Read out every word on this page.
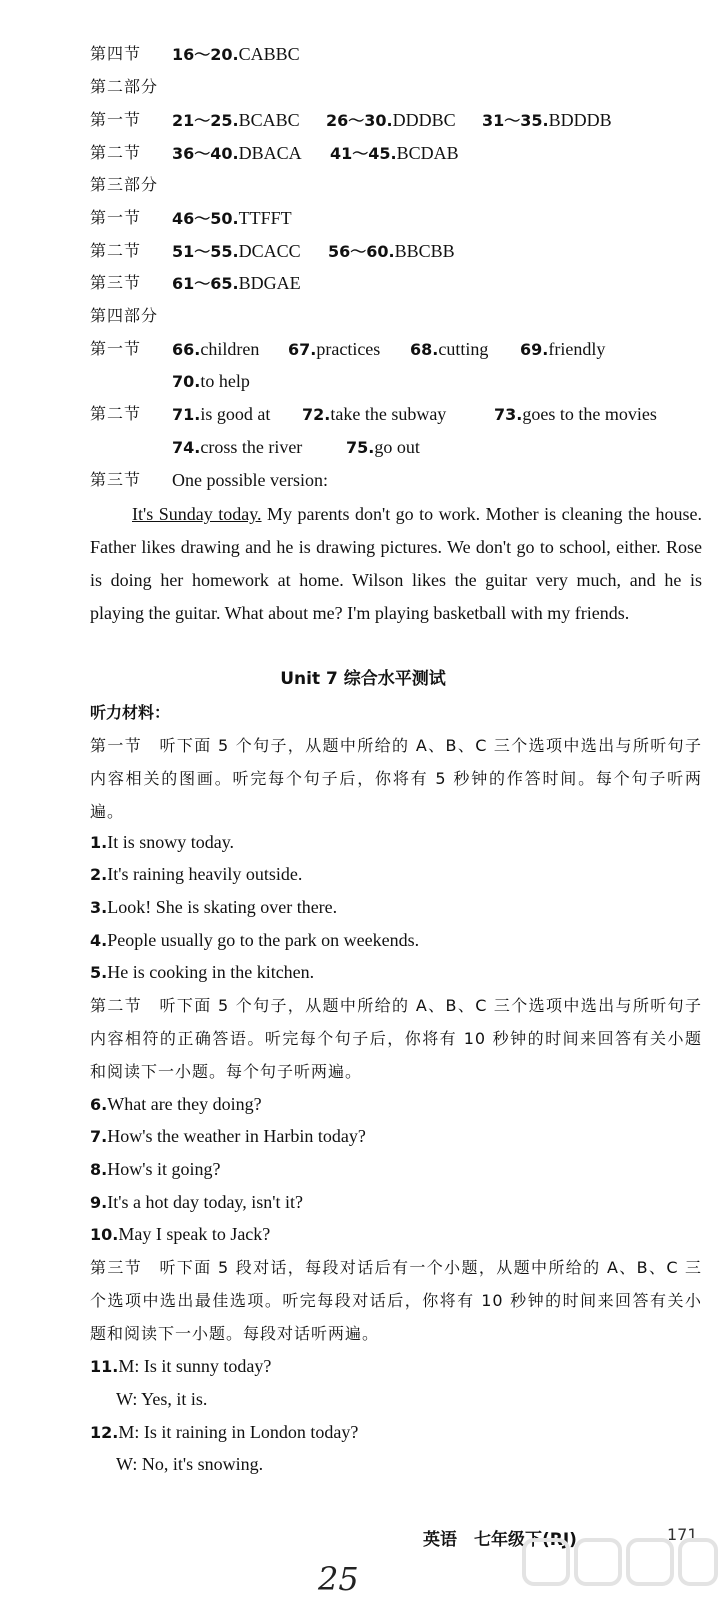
第四节 16～20.CABBC
第二部分
第一节 21～25.BCABC 26～30.DDDBC 31～35.BDDDB
第二节 36～40.DBACA 41～45.BCDAB
第三部分
第一节 46～50.TTFFT
第二节 51～55.DCACC 56～60.BBCBB
第三节 61～65.BDGAE
第四部分
第一节 66.children 67.practices 68.cutting 69.friendly
70.to help
第二节 71.is good at 72.take the subway	73.goes to the movies
74.cross the river	75.go out
第三节 One possible version:
It's Sunday today. My parents don't go to work. Mother is cleaning the house. Father likes drawing and he is drawing pictures. We don't go to school, either. Rose is doing her homework at home. Wilson likes the guitar very much, and he is playing the guitar. What about me? I'm playing basketball with my friends.
Unit 7 综合水平测试
听力材料：
第一节　听下面 5 个句子，从题中所给的 A、B、C 三个选项中选出与所听句子内容相关的图画。听完每个句子后，你将有 5 秒钟的作答时间。每个句子听两遍。
1.It is snowy today.
2.It's raining heavily outside.
3.Look! She is skating over there.
4.People usually go to the park on weekends.
5.He is cooking in the kitchen.
第二节　听下面 5 个句子，从题中所给的 A、B、C 三个选项中选出与所听句子内容相符的正确答语。听完每个句子后，你将有 10 秒钟的时间来回答有关小题和阅读下一小题。每个句子听两遍。
6.What are they doing?
7.How's the weather in Harbin today?
8.How's it going?
9.It's a hot day today, isn't it?
10.May I speak to Jack?
第三节　听下面 5 段对话，每段对话后有一个小题，从题中所给的 A、B、C 三个选项中选出最佳选项。听完每段对话后，你将有 10 秒钟的时间来回答有关小题和阅读下一小题。每段对话听两遍。
11.M: Is it sunny today?
W: Yes, it is.
12.M: Is it raining in London today?
W: No, it's snowing.
英语　七年级下(RJ)	171
25
